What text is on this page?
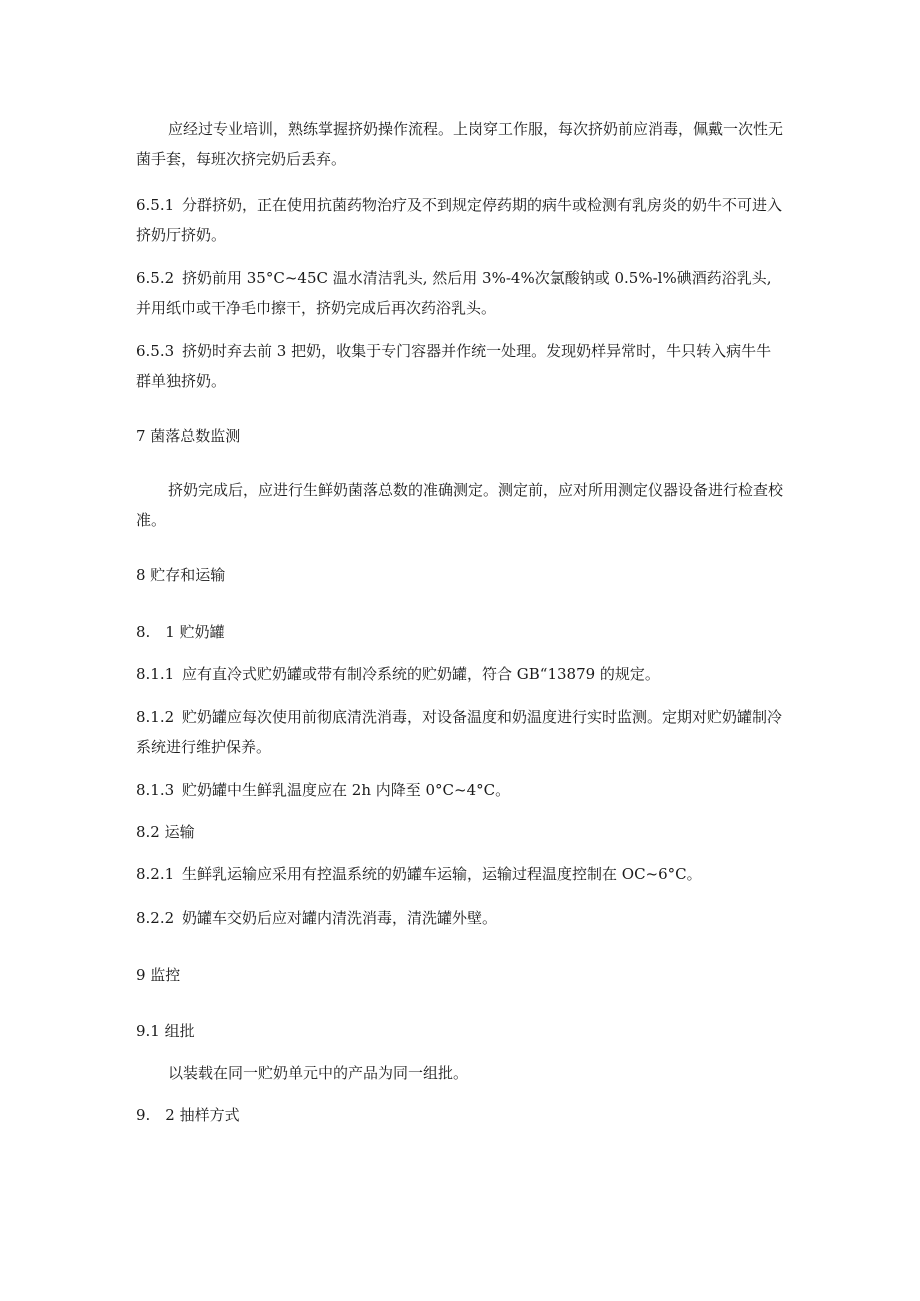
应经过专业培训，熟练掌握挤奶操作流程。上岗穿工作服，每次挤奶前应消毒，佩戴一次性无菌手套，每班次挤完奶后丢弃。

6.5.1 分群挤奶，正在使用抗菌药物治疗及不到规定停药期的病牛或检测有乳房炎的奶牛不可进入挤奶厅挤奶。

6.5.2 挤奶前用 35°C~45C 温水清洁乳头, 然后用 3%-4%次氯酸钠或 0.5%-l%碘酒药浴乳头, 并用纸巾或干净毛巾擦干，挤奶完成后再次药浴乳头。

6.5.3 挤奶时弃去前 3 把奶，收集于专门容器并作统一处理。发现奶样异常时，牛只转入病牛牛群单独挤奶。

7 菌落总数监测

挤奶完成后，应进行生鲜奶菌落总数的准确测定。测定前，应对所用测定仪器设备进行检查校准。

8 贮存和运输

8.　1 贮奶罐

8.1.1 应有直冷式贮奶罐或带有制冷系统的贮奶罐，符合 GB“13879 的规定。

8.1.2 贮奶罐应每次使用前彻底清洗消毒，对设备温度和奶温度进行实时监测。定期对贮奶罐制冷系统进行维护保养。

8.1.3 贮奶罐中生鲜乳温度应在 2h 内降至 0°C~4°C。

8.2 运输

8.2.1 生鲜乳运输应采用有控温系统的奶罐车运输，运输过程温度控制在 OC~6°C。

8.2.2 奶罐车交奶后应对罐内清洗消毒，清洗罐外壁。

9 监控

9.1 组批

以装载在同一贮奶单元中的产品为同一组批。

9.　2 抽样方式
